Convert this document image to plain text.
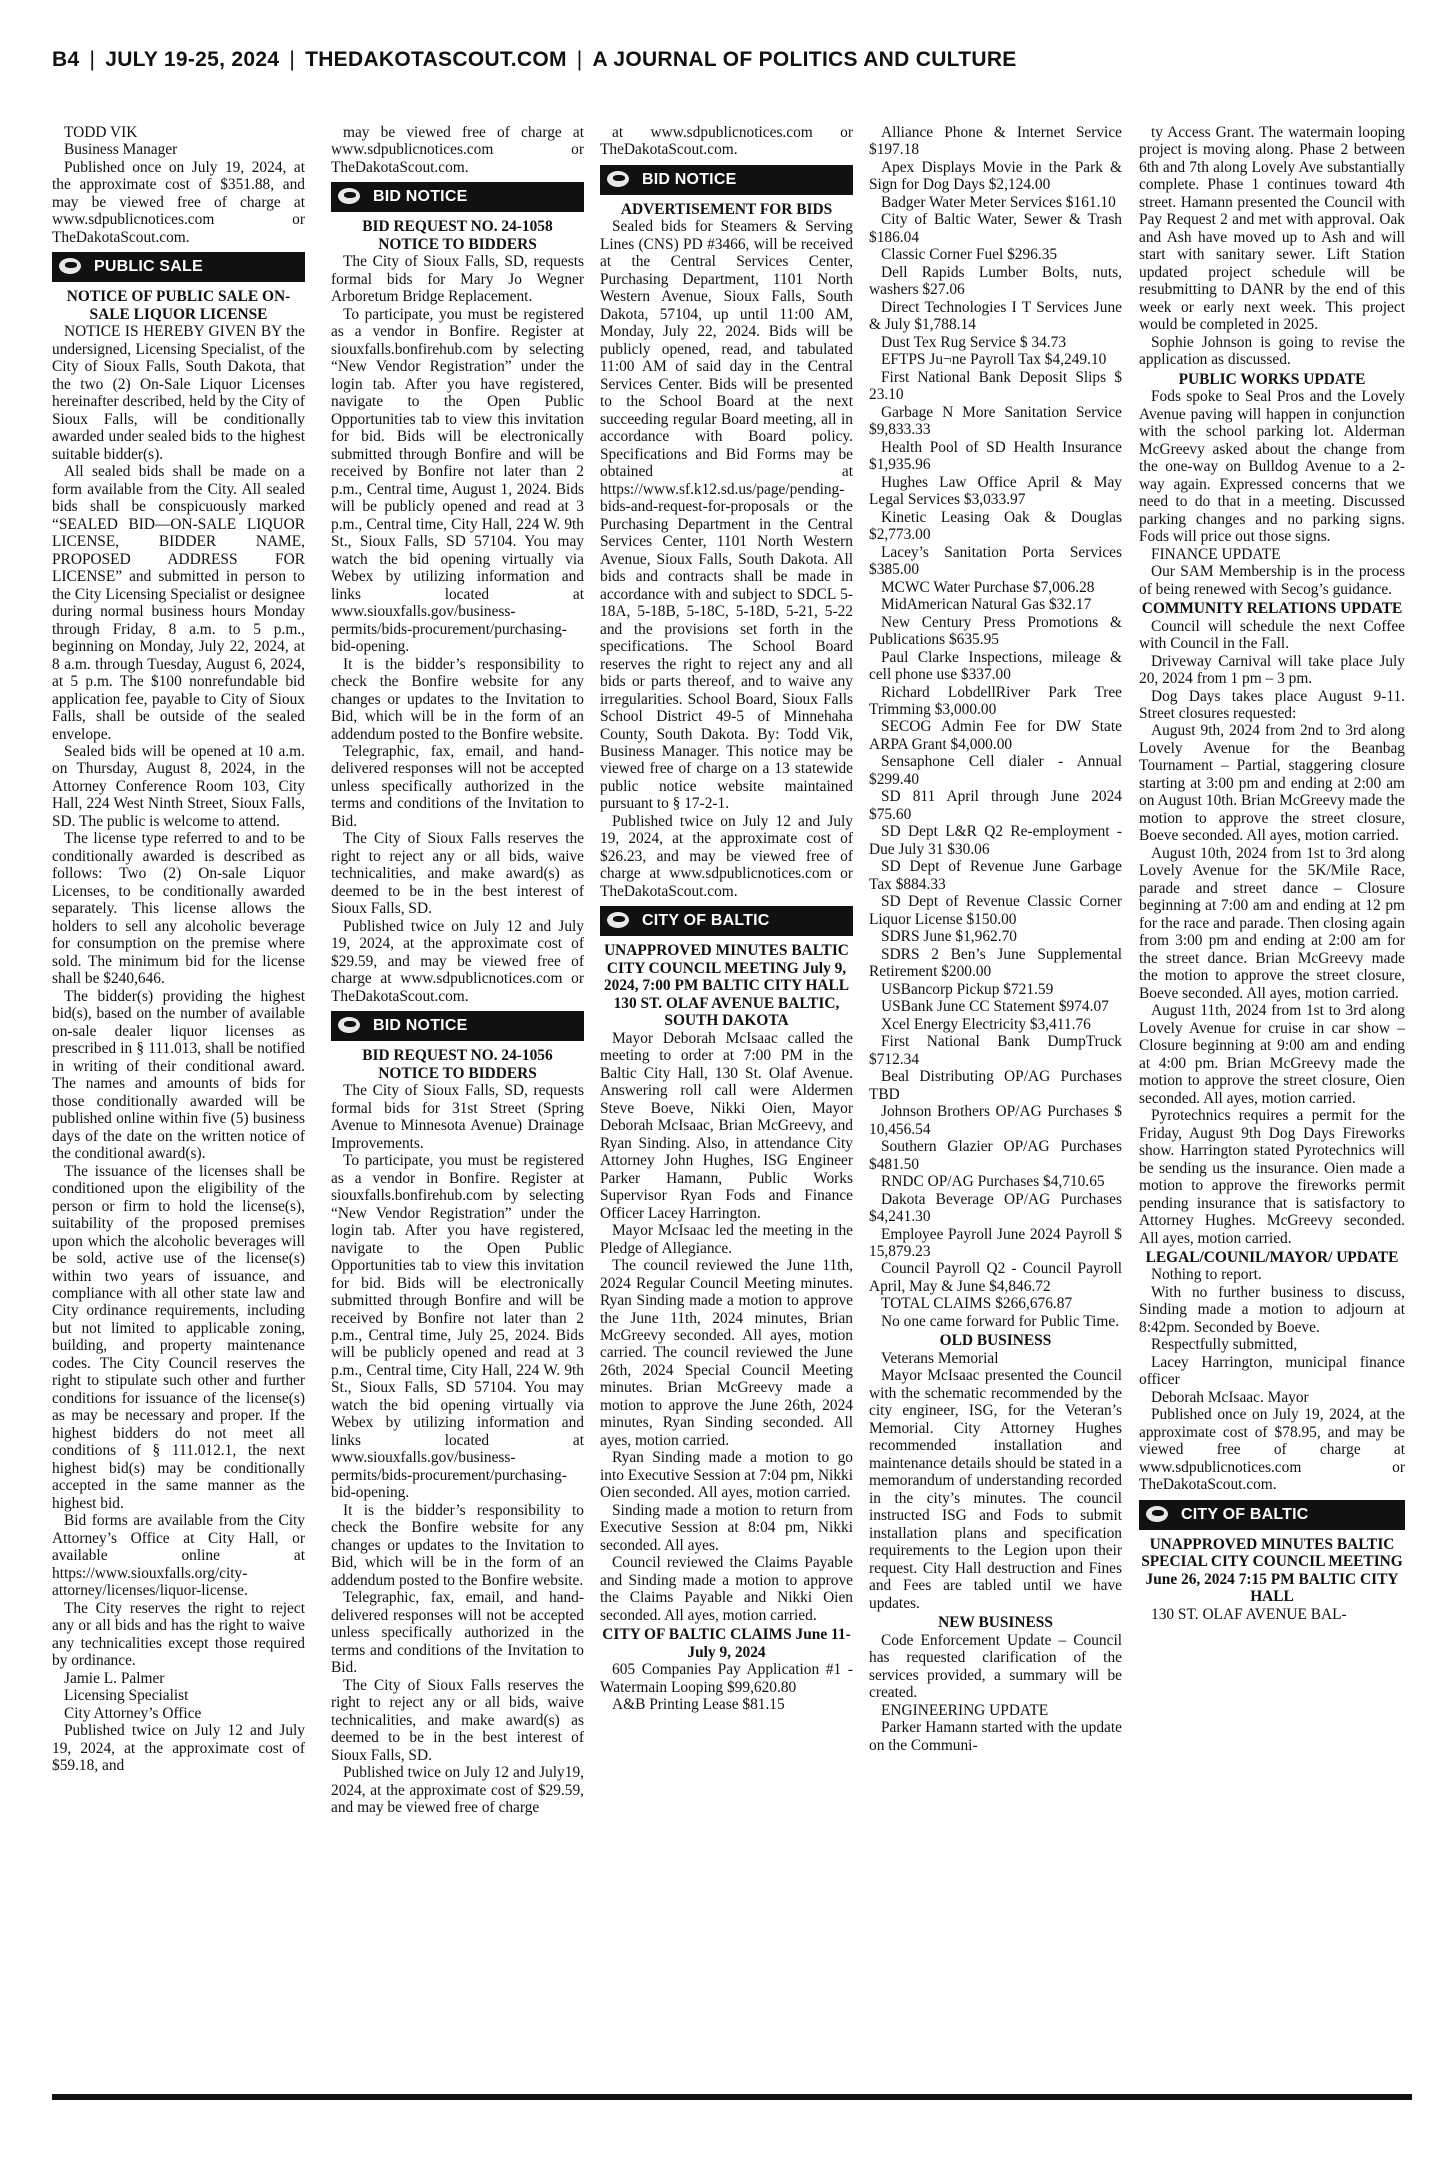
B4 | JULY 19-25, 2024 | THEDAKOTASCOUT.COM | A JOURNAL OF POLITICS AND CULTURE

TODD VIK

Business Manager

Published once on July 19, 2024, at the approximate cost of $351.88, and may be viewed free of charge at www.sdpublicnotices.com or TheDakotaScout.com.

PUBLIC SALE

NOTICE OF PUBLIC SALE ON-SALE LIQUOR LICENSE

NOTICE IS HEREBY GIVEN BY the undersigned, Licensing Specialist, of the City of Sioux Falls, South Dakota, that the two (2) On-Sale Liquor Licenses hereinafter described, held by the City of Sioux Falls, will be conditionally awarded under sealed bids to the highest suitable bidder(s).

All sealed bids shall be made on a form available from the City. All sealed bids shall be conspicuously marked “SEALED BID—ON-SALE LIQUOR LICENSE, BIDDER NAME, PROPOSED ADDRESS FOR LICENSE” and submitted in person to the City Licensing Specialist or designee during normal business hours Monday through Friday, 8 a.m. to 5 p.m., beginning on Monday, July 22, 2024, at 8 a.m. through Tuesday, August 6, 2024, at 5 p.m. The $100 nonrefundable bid application fee, payable to City of Sioux Falls, shall be outside of the sealed envelope.

Sealed bids will be opened at 10 a.m. on Thursday, August 8, 2024, in the Attorney Conference Room 103, City Hall, 224 West Ninth Street, Sioux Falls, SD. The public is welcome to attend.

The license type referred to and to be conditionally awarded is described as follows: Two (2) On-sale Liquor Licenses, to be conditionally awarded separately. This license allows the holders to sell any alcoholic beverage for consumption on the premise where sold. The minimum bid for the license shall be $240,646.

The bidder(s) providing the highest bid(s), based on the number of available on-sale dealer liquor licenses as prescribed in § 111.013, shall be notified in writing of their conditional award. The names and amounts of bids for those conditionally awarded will be published online within five (5) business days of the date on the written notice of the conditional award(s).

The issuance of the licenses shall be conditioned upon the eligibility of the person or firm to hold the license(s), suitability of the proposed premises upon which the alcoholic beverages will be sold, active use of the license(s) within two years of issuance, and compliance with all other state law and City ordinance requirements, including but not limited to applicable zoning, building, and property maintenance codes. The City Council reserves the right to stipulate such other and further conditions for issuance of the license(s) as may be necessary and proper. If the highest bidders do not meet all conditions of § 111.012.1, the next highest bid(s) may be conditionally accepted in the same manner as the highest bid.

Bid forms are available from the City Attorney’s Office at City Hall, or available online at https://www.siouxfalls.org/city-attorney/licenses/liquor-license.

The City reserves the right to reject any or all bids and has the right to waive any technicalities except those required by ordinance.

Jamie L. Palmer

Licensing Specialist

City Attorney’s Office

Published twice on July 12 and July 19, 2024, at the approximate cost of $59.18, and

may be viewed free of charge at www.sdpublicnotices.com or TheDakotaScout.com.

BID NOTICE

BID REQUEST NO. 24-1058 NOTICE TO BIDDERS

The City of Sioux Falls, SD, requests formal bids for Mary Jo Wegner Arboretum Bridge Replacement.

To participate, you must be registered as a vendor in Bonfire. Register at siouxfalls.bonfirehub.com by selecting “New Vendor Registration” under the login tab. After you have registered, navigate to the Open Public Opportunities tab to view this invitation for bid. Bids will be electronically submitted through Bonfire and will be received by Bonfire not later than 2 p.m., Central time, August 1, 2024. Bids will be publicly opened and read at 3 p.m., Central time, City Hall, 224 W. 9th St., Sioux Falls, SD 57104. You may watch the bid opening virtually via Webex by utilizing information and links located at www.siouxfalls.gov/business-permits/bids-procurement/purchasing-bid-opening.

It is the bidder’s responsibility to check the Bonfire website for any changes or updates to the Invitation to Bid, which will be in the form of an addendum posted to the Bonfire website.

Telegraphic, fax, email, and hand-delivered responses will not be accepted unless specifically authorized in the terms and conditions of the Invitation to Bid.

The City of Sioux Falls reserves the right to reject any or all bids, waive technicalities, and make award(s) as deemed to be in the best interest of Sioux Falls, SD.

Published twice on July 12 and July 19, 2024, at the approximate cost of $29.59, and may be viewed free of charge at www.sdpublicnotices.com or TheDakotaScout.com.

BID NOTICE

BID REQUEST NO. 24-1056 NOTICE TO BIDDERS

The City of Sioux Falls, SD, requests formal bids for 31st Street (Spring Avenue to Minnesota Avenue) Drainage Improvements.

To participate, you must be registered as a vendor in Bonfire. Register at siouxfalls.bonfirehub.com by selecting “New Vendor Registration” under the login tab. After you have registered, navigate to the Open Public Opportunities tab to view this invitation for bid. Bids will be electronically submitted through Bonfire and will be received by Bonfire not later than 2 p.m., Central time, July 25, 2024. Bids will be publicly opened and read at 3 p.m., Central time, City Hall, 224 W. 9th St., Sioux Falls, SD 57104. You may watch the bid opening virtually via Webex by utilizing information and links located at www.siouxfalls.gov/business-permits/bids-procurement/purchasing-bid-opening.

It is the bidder’s responsibility to check the Bonfire website for any changes or updates to the Invitation to Bid, which will be in the form of an addendum posted to the Bonfire website.

Telegraphic, fax, email, and hand-delivered responses will not be accepted unless specifically authorized in the terms and conditions of the Invitation to Bid.

The City of Sioux Falls reserves the right to reject any or all bids, waive technicalities, and make award(s) as deemed to be in the best interest of Sioux Falls, SD.

Published twice on July 12 and July19, 2024, at the approximate cost of $29.59, and may be viewed free of charge

at www.sdpublicnotices.com or TheDakotaScout.com.

BID NOTICE

ADVERTISEMENT FOR BIDS

Sealed bids for Steamers & Serving Lines (CNS) PD #3466, will be received at the Central Services Center, Purchasing Department, 1101 North Western Avenue, Sioux Falls, South Dakota, 57104, up until 11:00 AM, Monday, July 22, 2024. Bids will be publicly opened, read, and tabulated 11:00 AM of said day in the Central Services Center. Bids will be presented to the School Board at the next succeeding regular Board meeting, all in accordance with Board policy. Specifications and Bid Forms may be obtained at https://www.sf.k12.sd.us/page/pending-bids-and-request-for-proposals or the Purchasing Department in the Central Services Center, 1101 North Western Avenue, Sioux Falls, South Dakota. All bids and contracts shall be made in accordance with and subject to SDCL 5-18A, 5-18B, 5-18C, 5-18D, 5-21, 5-22 and the provisions set forth in the specifications. The School Board reserves the right to reject any and all bids or parts thereof, and to waive any irregularities. School Board, Sioux Falls School District 49-5 of Minnehaha County, South Dakota. By: Todd Vik, Business Manager. This notice may be viewed free of charge on a 13 statewide public notice website maintained pursuant to § 17-2-1.

Published twice on July 12 and July 19, 2024, at the approximate cost of $26.23, and may be viewed free of charge at www.sdpublicnotices.com or TheDakotaScout.com.

CITY OF BALTIC

UNAPPROVED MINUTES BALTIC CITY COUNCIL MEETING July 9, 2024, 7:00 PM BALTIC CITY HALL 130 ST. OLAF AVENUE BALTIC, SOUTH DAKOTA

Mayor Deborah McIsaac called the meeting to order at 7:00 PM in the Baltic City Hall, 130 St. Olaf Avenue. Answering roll call were Aldermen Steve Boeve, Nikki Oien, Mayor Deborah McIsaac, Brian McGreevy, and Ryan Sinding. Also, in attendance City Attorney John Hughes, ISG Engineer Parker Hamann, Public Works Supervisor Ryan Fods and Finance Officer Lacey Harrington.

Mayor McIsaac led the meeting in the Pledge of Allegiance.

The council reviewed the June 11th, 2024 Regular Council Meeting minutes. Ryan Sinding made a motion to approve the June 11th, 2024 minutes, Brian McGreevy seconded. All ayes, motion carried. The council reviewed the June 26th, 2024 Special Council Meeting minutes. Brian McGreevy made a motion to approve the June 26th, 2024 minutes, Ryan Sinding seconded. All ayes, motion carried.

Ryan Sinding made a motion to go into Executive Session at 7:04 pm, Nikki Oien seconded. All ayes, motion carried.

Sinding made a motion to return from Executive Session at 8:04 pm, Nikki seconded. All ayes.

Council reviewed the Claims Payable and Sinding made a motion to approve the Claims Payable and Nikki Oien seconded. All ayes, motion carried.

CITY OF BALTIC CLAIMS June 11-July 9, 2024

605 Companies Pay Application #1 - Watermain Looping $99,620.80

A&B Printing Lease $81.15

Alliance Phone & Internet Service $197.18

Apex Displays Movie in the Park & Sign for Dog Days $2,124.00

Badger Water Meter Services $161.10

City of Baltic Water, Sewer & Trash $186.04

Classic Corner Fuel $296.35

Dell Rapids Lumber Bolts, nuts, washers $27.06

Direct Technologies I T Services June & July $1,788.14

Dust Tex Rug Service $ 34.73

EFTPS Ju¬ne Payroll Tax $4,249.10

First National Bank Deposit Slips $ 23.10

Garbage N More Sanitation Service $9,833.33

Health Pool of SD Health Insurance $1,935.96

Hughes Law Office April & May Legal Services $3,033.97

Kinetic Leasing Oak & Douglas $2,773.00

Lacey’s Sanitation Porta Services $385.00

MCWC Water Purchase $7,006.28

MidAmerican Natural Gas $32.17

New Century Press Promotions & Publications $635.95

Paul Clarke Inspections, mileage & cell phone use $337.00

Richard LobdellRiver Park Tree Trimming $3,000.00

SECOG Admin Fee for DW State ARPA Grant $4,000.00

Sensaphone Cell dialer - Annual $299.40

SD 811 April through June 2024 $75.60

SD Dept L&R Q2 Re-employment - Due July 31 $30.06

SD Dept of Revenue June Garbage Tax $884.33

SD Dept of Revenue Classic Corner Liquor License $150.00

SDRS June $1,962.70

SDRS 2 Ben’s June Supplemental Retirement $200.00

USBancorp Pickup $721.59

USBank June CC Statement $974.07

Xcel Energy Electricity $3,411.76

First National Bank DumpTruck $712.34

Beal Distributing OP/AG Purchases TBD

Johnson Brothers OP/AG Purchases $ 10,456.54

Southern Glazier OP/AG Purchases $481.50

RNDC OP/AG Purchases $4,710.65

Dakota Beverage OP/AG Purchases $4,241.30

Employee Payroll June 2024 Payroll $ 15,879.23

Council Payroll Q2 - Council Payroll April, May & June $4,846.72

TOTAL CLAIMS $266,676.87

No one came forward for Public Time.

OLD BUSINESS

Veterans Memorial

Mayor McIsaac presented the Council with the schematic recommended by the city engineer, ISG, for the Veteran’s Memorial. City Attorney Hughes recommended installation and maintenance details should be stated in a memorandum of understanding recorded in the city’s minutes. The council instructed ISG and Fods to submit installation plans and specification requirements to the Legion upon their request. City Hall destruction and Fines and Fees are tabled until we have updates.

NEW BUSINESS

Code Enforcement Update – Council has requested clarification of the services provided, a summary will be created.

ENGINEERING UPDATE

Parker Hamann started with the update on the Communi-

ty Access Grant. The watermain looping project is moving along. Phase 2 between 6th and 7th along Lovely Ave substantially complete. Phase 1 continues toward 4th street. Hamann presented the Council with Pay Request 2 and met with approval. Oak and Ash have moved up to Ash and will start with sanitary sewer. Lift Station updated project schedule will be resubmitting to DANR by the end of this week or early next week. This project would be completed in 2025.

Sophie Johnson is going to revise the application as discussed.

PUBLIC WORKS UPDATE

Fods spoke to Seal Pros and the Lovely Avenue paving will happen in conjunction with the school parking lot. Alderman McGreevy asked about the change from the one-way on Bulldog Avenue to a 2-way again. Expressed concerns that we need to do that in a meeting. Discussed parking changes and no parking signs. Fods will price out those signs.

FINANCE UPDATE

Our SAM Membership is in the process of being renewed with Secog’s guidance.

COMMUNITY RELATIONS UPDATE

Council will schedule the next Coffee with Council in the Fall.

Driveway Carnival will take place July 20, 2024 from 1 pm – 3 pm.

Dog Days takes place August 9-11. Street closures requested:

August 9th, 2024 from 2nd to 3rd along Lovely Avenue for the Beanbag Tournament – Partial, staggering closure starting at 3:00 pm and ending at 2:00 am on August 10th. Brian McGreevy made the motion to approve the street closure, Boeve seconded. All ayes, motion carried.

August 10th, 2024 from 1st to 3rd along Lovely Avenue for the 5K/Mile Race, parade and street dance – Closure beginning at 7:00 am and ending at 12 pm for the race and parade. Then closing again from 3:00 pm and ending at 2:00 am for the street dance. Brian McGreevy made the motion to approve the street closure, Boeve seconded. All ayes, motion carried.

August 11th, 2024 from 1st to 3rd along Lovely Avenue for cruise in car show – Closure beginning at 9:00 am and ending at 4:00 pm. Brian McGreevy made the motion to approve the street closure, Oien seconded. All ayes, motion carried.

Pyrotechnics requires a permit for the Friday, August 9th Dog Days Fireworks show. Harrington stated Pyrotechnics will be sending us the insurance. Oien made a motion to approve the fireworks permit pending insurance that is satisfactory to Attorney Hughes. McGreevy seconded. All ayes, motion carried.

LEGAL/COUNIL/MAYOR/ UPDATE

Nothing to report.

With no further business to discuss, Sinding made a motion to adjourn at 8:42pm. Seconded by Boeve.

Respectfully submitted,

Lacey Harrington, municipal finance officer

Deborah McIsaac. Mayor

Published once on July 19, 2024, at the approximate cost of $78.95, and may be viewed free of charge at www.sdpublicnotices.com or TheDakotaScout.com.

CITY OF BALTIC

UNAPPROVED MINUTES BALTIC SPECIAL CITY COUNCIL MEETING June 26, 2024 7:15 PM BALTIC CITY HALL

130 ST. OLAF AVENUE BAL-
